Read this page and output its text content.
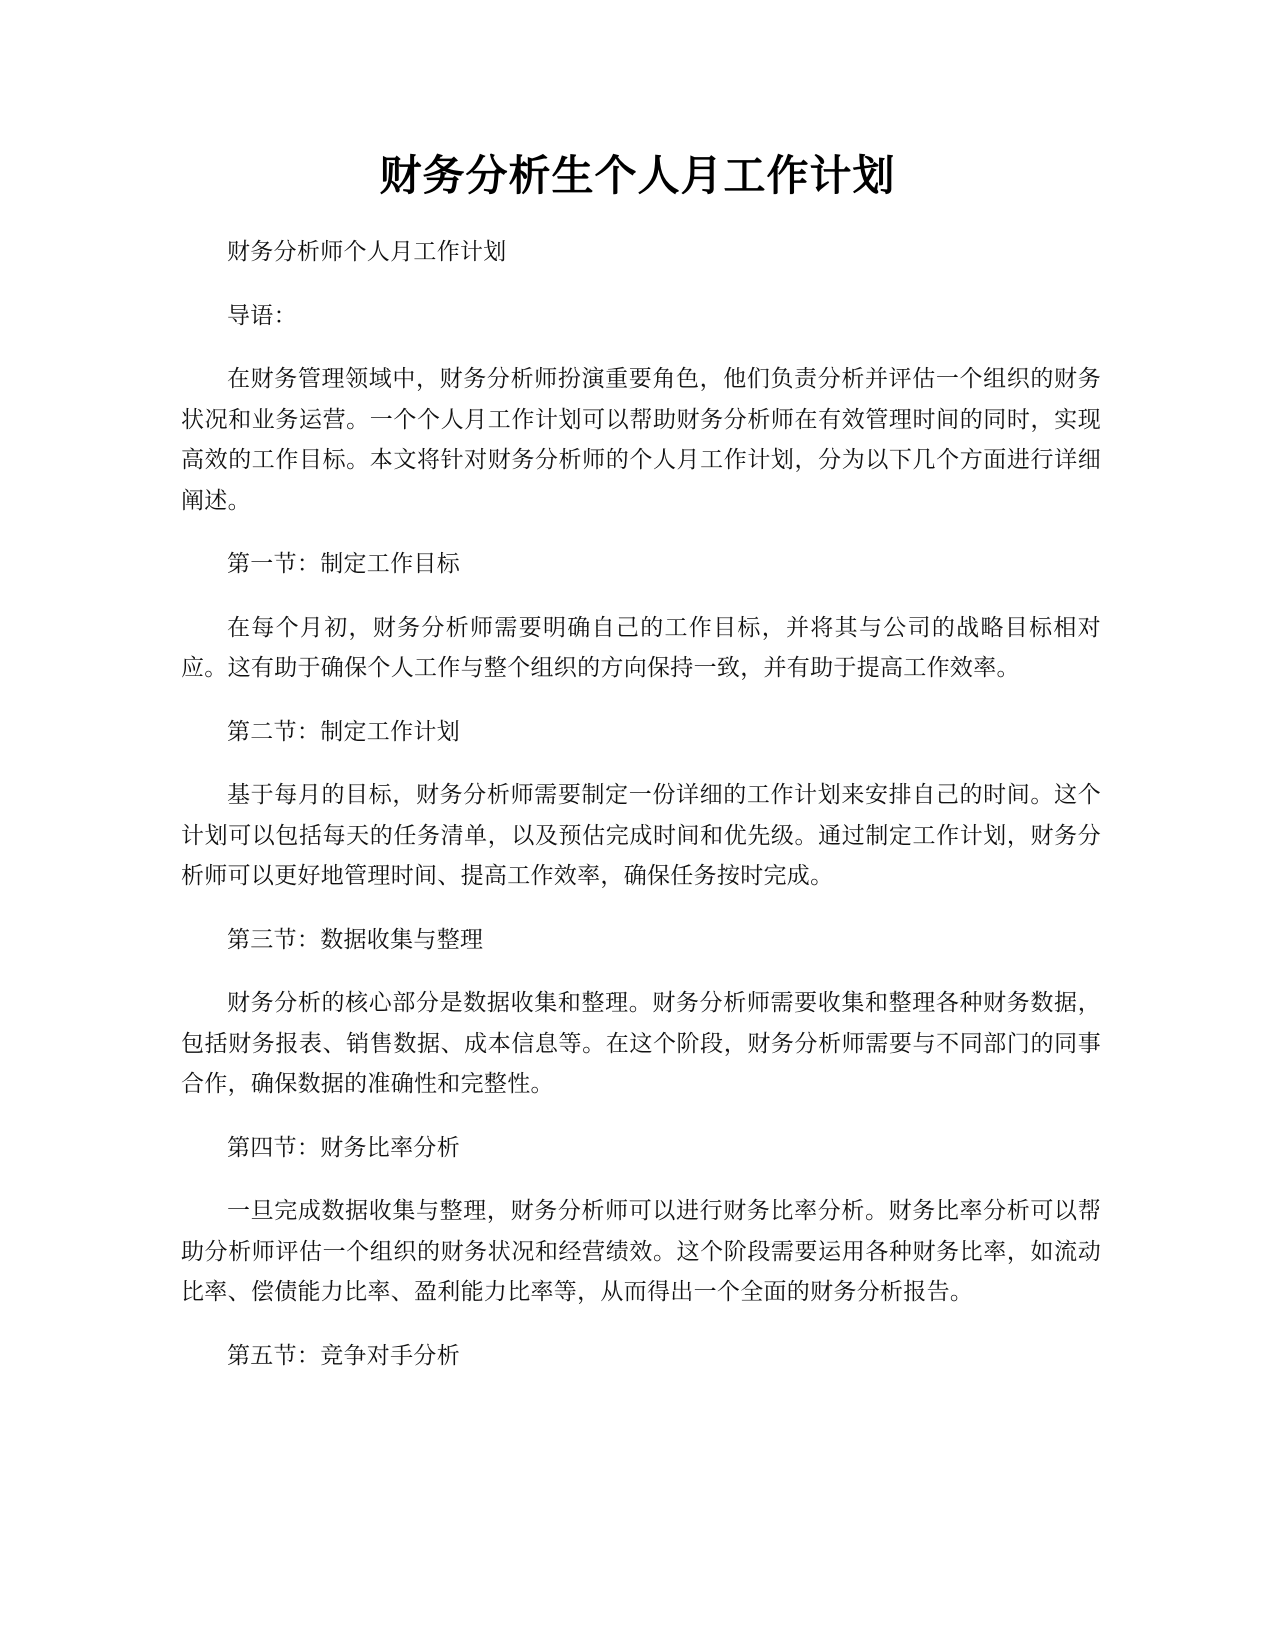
财务分析生个人月工作计划

财务分析师个人月工作计划

导语：

在财务管理领域中，财务分析师扮演重要角色，他们负责分析并评估一个组织的财务状况和业务运营。一个个人月工作计划可以帮助财务分析师在有效管理时间的同时，实现高效的工作目标。本文将针对财务分析师的个人月工作计划，分为以下几个方面进行详细阐述。

第一节：制定工作目标

在每个月初，财务分析师需要明确自己的工作目标，并将其与公司的战略目标相对应。这有助于确保个人工作与整个组织的方向保持一致，并有助于提高工作效率。

第二节：制定工作计划

基于每月的目标，财务分析师需要制定一份详细的工作计划来安排自己的时间。这个计划可以包括每天的任务清单，以及预估完成时间和优先级。通过制定工作计划，财务分析师可以更好地管理时间、提高工作效率，确保任务按时完成。

第三节：数据收集与整理

财务分析的核心部分是数据收集和整理。财务分析师需要收集和整理各种财务数据，包括财务报表、销售数据、成本信息等。在这个阶段，财务分析师需要与不同部门的同事合作，确保数据的准确性和完整性。

第四节：财务比率分析

一旦完成数据收集与整理，财务分析师可以进行财务比率分析。财务比率分析可以帮助分析师评估一个组织的财务状况和经营绩效。这个阶段需要运用各种财务比率，如流动比率、偿债能力比率、盈利能力比率等，从而得出一个全面的财务分析报告。

第五节：竞争对手分析
